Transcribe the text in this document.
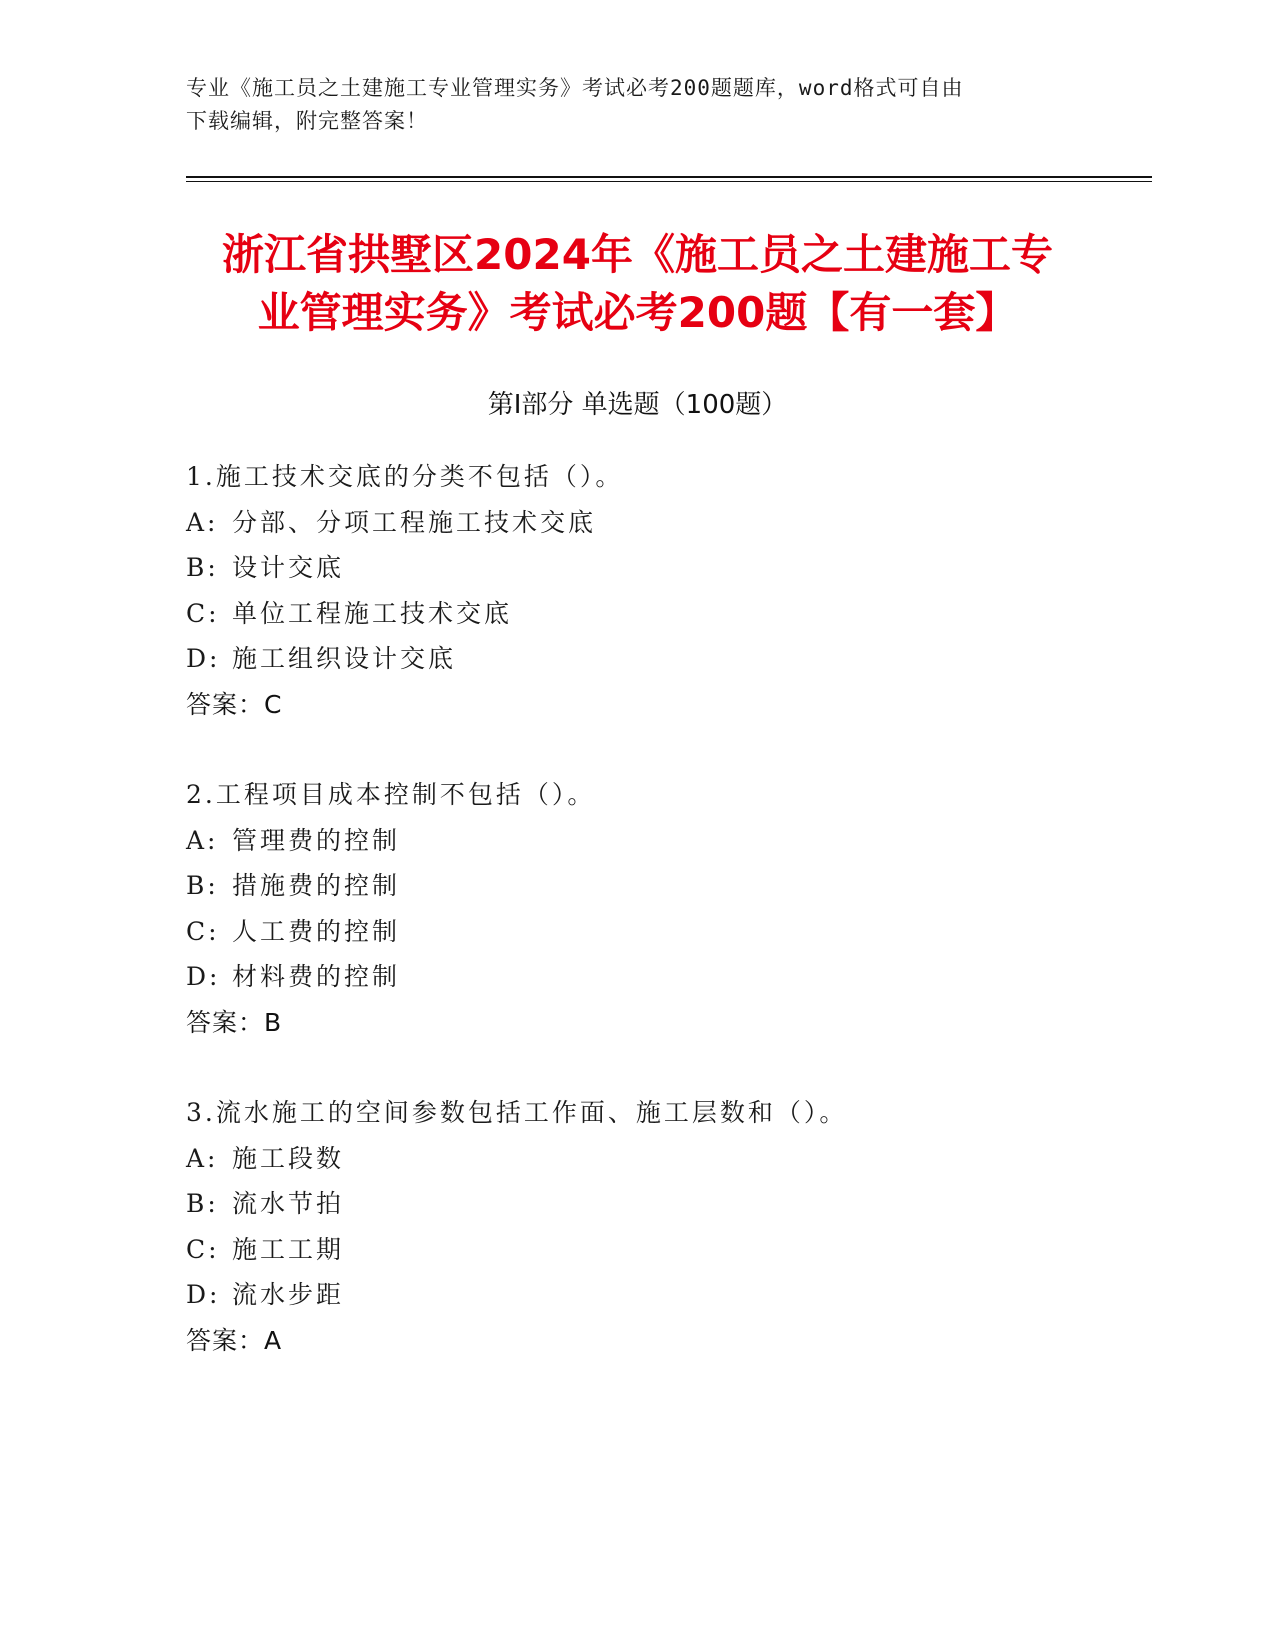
专业《施工员之土建施工专业管理实务》考试必考200题题库，word格式可自由
下载编辑，附完整答案！
浙江省拱墅区2024年《施工员之土建施工专
业管理实务》考试必考200题【有一套】
第Ⅰ部分 单选题（100题）
1.施工技术交底的分类不包括（）。
A: 分部、分项工程施工技术交底
B: 设计交底
C: 单位工程施工技术交底
D: 施工组织设计交底
答案：C
2.工程项目成本控制不包括（）。
A: 管理费的控制
B: 措施费的控制
C: 人工费的控制
D: 材料费的控制
答案：B
3.流水施工的空间参数包括工作面、施工层数和（）。
A: 施工段数
B: 流水节拍
C: 施工工期
D: 流水步距
答案：A
